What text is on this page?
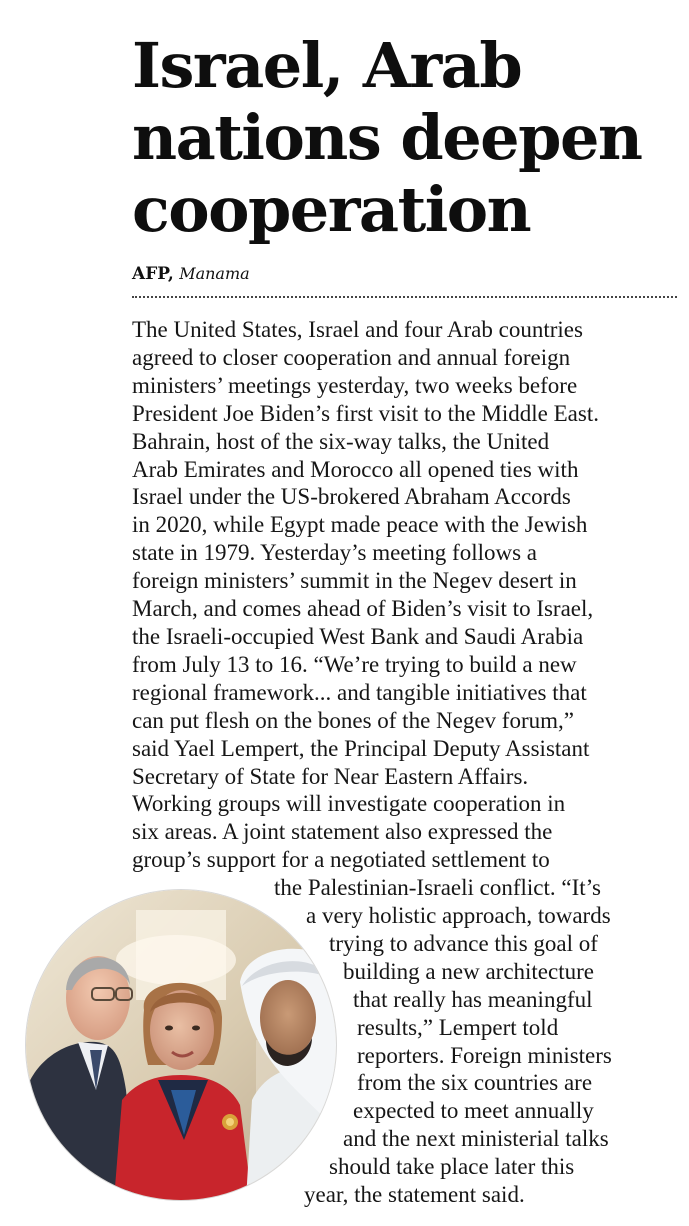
Israel, Arab
nations deepen
cooperation
AFP, Manama
The United States, Israel and four Arab countries
agreed to closer cooperation and annual foreign
ministers’ meetings yesterday, two weeks before
President Joe Biden’s first visit to the Middle East.
Bahrain, host of the six-way talks, the United
Arab Emirates and Morocco all opened ties with
Israel under the US-brokered Abraham Accords
in 2020, while Egypt made peace with the Jewish
state in 1979. Yesterday’s meeting follows a
foreign ministers’ summit in the Negev desert in
March, and comes ahead of Biden’s visit to Israel,
the Israeli-occupied West Bank and Saudi Arabia
from July 13 to 16. “We’re trying to build a new
regional framework... and tangible initiatives that
can put flesh on the bones of the Negev forum,”
said Yael Lempert, the Principal Deputy Assistant
Secretary of State for Near Eastern Affairs.
Working groups will investigate cooperation in
six areas. A joint statement also expressed the
group’s support for a negotiated settlement to
the Palestinian-Israeli conflict. “It’s
a very holistic approach, towards
trying to advance this goal of
building a new architecture
that really has meaningful
results,” Lempert told
reporters. Foreign ministers
from the six countries are
expected to meet annually
and the next ministerial talks
should take place later this
year, the statement said.
